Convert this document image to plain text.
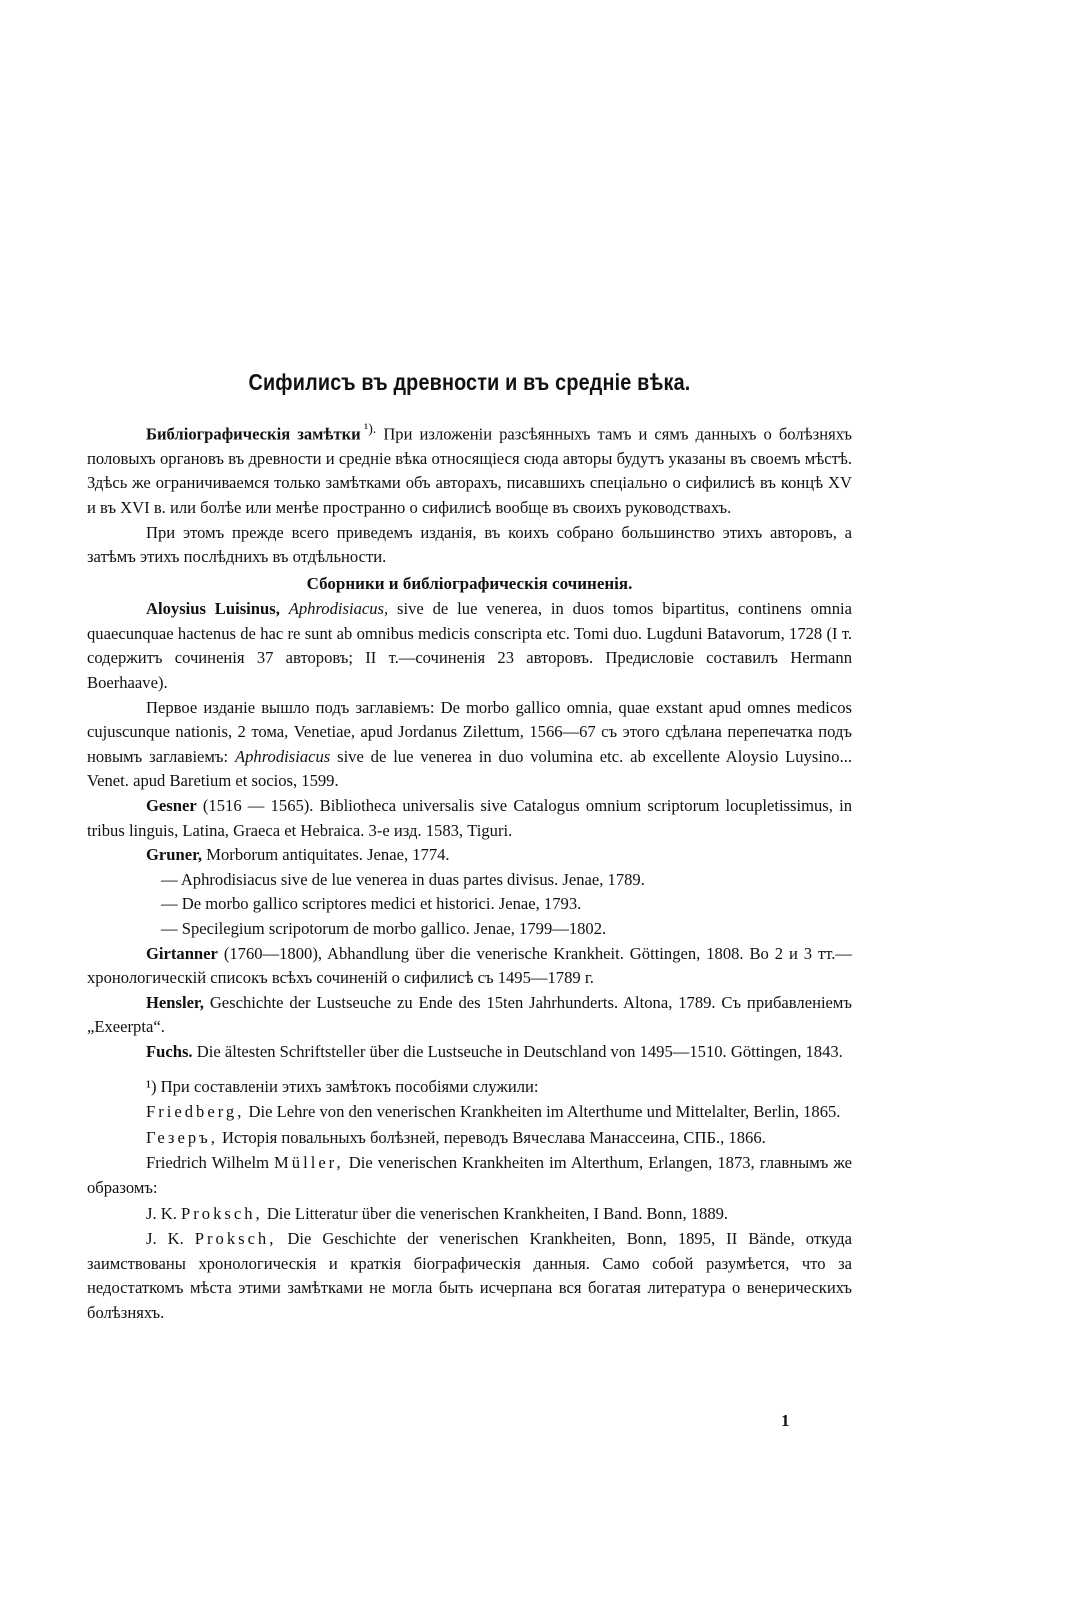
Сифилисъ въ древности и въ средніе вѣка.

Библіографическія замѣтки  $^{^1).}$ При изложеніи разсѣянныхъ тамъ и сямъ данныхъ о болѣзняхъ половыхъ органовъ въ древности и средніе вѣка относящіеся сюда авторы будутъ указаны въ своемъ мѣстѣ. Здѣсь же ограничиваемся только замѣтками объ авторахъ, писавшихъ спеціально о сифилисѣ въ концѣ XV и въ XVI в. или болѣе или менѣе пространно о сифилисѣ вообще въ своихъ руководствахъ.

При этомъ прежде всего приведемъ изданія, въ коихъ собрано большинство этихъ авторовъ, а затѣмъ этихъ послѣднихъ въ отдѣльности.

Сборники и библіографическія сочиненія.

Aloysius Luisinus, Aphrodisiacus, sive de lue venerea, in duos tomos bipartitus, continens omnia quaecunquae hactenus de hac re sunt ab omnibus medicis conscripta etc. Tomi duo. Lugduni Batavorum, 1728 (I т. содержитъ сочиненія 37 авторовъ; II т.—сочиненія 23 авторовъ. Предисловіе составилъ Hermann Boerhaave).

Первое изданіе вышло подъ заглавіемъ: De morbo gallico omnia, quae exstant apud omnes medicos cujuscunque nationis, 2 тома, Venetiae, apud Jordanus Zilettum, 1566—67 съ этого сдѣлана перепечатка подъ новымъ заглавіемъ: Aphrodisiacus sive de lue venerea in duo volumina etc. ab excellente Aloysio Luysino... Venet. apud Baretium et socios, 1599.

Gesner (1516 — 1565). Bibliotheca universalis sive Catalogus omnium scriptorum locupletissimus, in tribus linguis, Latina, Graeca et Hebraica. 3-е изд. 1583, Tiguri.

Gruner, Morborum antiquitates. Jenae, 1774.

— Aphrodisiacus sive de lue venerea in duas partes divisus. Jenae, 1789.

— De morbo gallico scriptores medici et historici. Jenae, 1793.

— Specilegium scripotorum de morbo gallico. Jenae, 1799—1802.

Girtanner (1760—1800), Abhandlung über die venerische Krankheit. Göttingen, 1808. Во 2 и 3 тт.—хронологическій списокъ всѣхъ сочиненій о сифилисѣ съ 1495—1789 г.

Hensler, Geschichte der Lustseuche zu Ende des 15ten Jahrhunderts. Altona, 1789. Съ прибавленіемъ „Exeerpta“.

Fuchs. Die ältesten Schriftsteller über die Lustseuche in Deutschland von 1495—1510. Göttingen, 1843.

¹) При составленіи этихъ замѣтокъ пособіями служили:

Friedberg, Die Lehre von den venerischen Krankheiten im Alterthume und Mittelalter, Berlin, 1865.

Гезеръ, Исторія повальныхъ болѣзней, переводъ Вячеслава Манассеина, СПБ., 1866.

Friedrich Wilhelm Müller, Die venerischen Krankheiten im Alterthum, Erlangen, 1873, главнымъ же образомъ:

J. K. Proksch, Die Litteratur über die venerischen Krankheiten, I Band. Bonn, 1889.

J. K. Proksch, Die Geschichte der venerischen Krankheiten, Bonn, 1895, II Bände, откуда заимствованы хронологическія и краткія біографическія данныя. Само собой разумѣется, что за недостаткомъ мѣста этими замѣтками не могла быть исчерпана вся богатая литература о венерическихъ болѣзняхъ.

1
